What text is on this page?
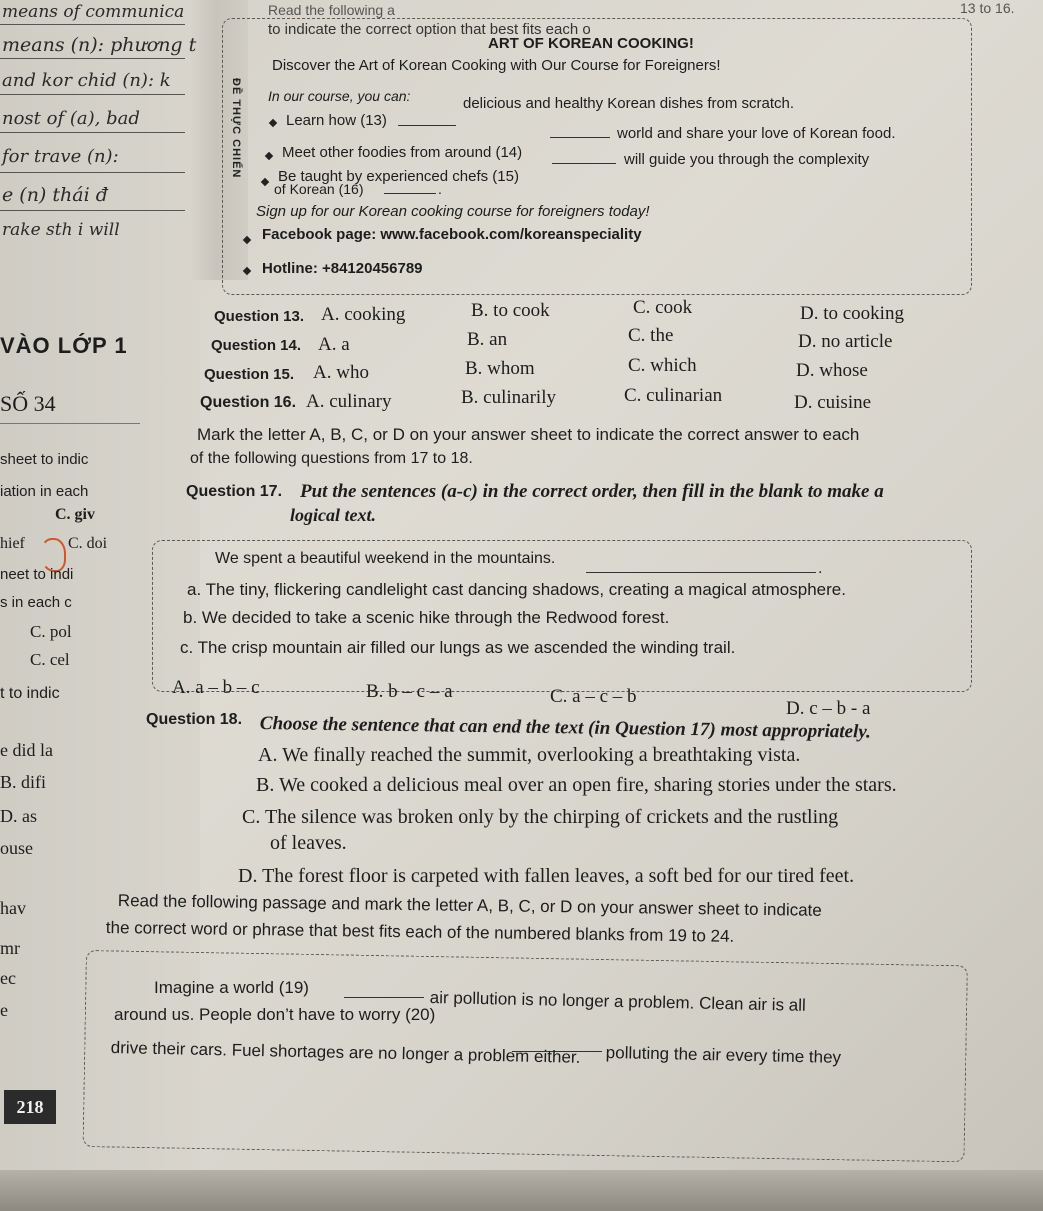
ĐỀ THỰC CHIẾN
means of communica
means (n): phương t
and kor chid (n): k
nost of (a), bad
for trave (n):
e (n) thái đ
rake sth i will
VÀO LỚP 1
SỐ 34
sheet to indic
iation in each
C. giv
hief	C. doi
neet to indi
s in each c
C. pol
C. cel
t to indic
e did la
B. difi
D. as
ouse
hav
mr
ec
e
218
Read the following a	13 to 16.
to indicate the correct option that best fits each o
ART OF KOREAN COOKING!
Discover the Art of Korean Cooking with Our Course for Foreigners!
In our course, you can:
Learn how (13)
delicious and healthy Korean dishes from scratch.
Meet other foodies from around (14)
world and share your love of Korean food.
Be taught by experienced chefs (15)
will guide you through the complexity
of Korean (16)	.
Sign up for our Korean cooking course for foreigners today!
Facebook page: www.facebook.com/koreanspeciality
Hotline: +84120456789
Question 13. A. cooking	B. to cook	C. cook	D. to cooking
Question 14. A. a	B. an	C. the	D. no article
Question 15. A. who	B. whom	C. which	D. whose
Question 16. A. culinary	B. culinarily	C. culinarian	D. cuisine
Mark the letter A, B, C, or D on your answer sheet to indicate the correct answer to each
of the following questions from 17 to 18.
Question 17. Put the sentences (a-c) in the correct order, then fill in the blank to make a
logical text.
We spent a beautiful weekend in the mountains.
.
a. The tiny, flickering candlelight cast dancing shadows, creating a magical atmosphere.
b. We decided to take a scenic hike through the Redwood forest.
c. The crisp mountain air filled our lungs as we ascended the winding trail.
A. a – b – c	B. b – c – a	C. a – c – b
D. c – b - a
Question 18. Choose the sentence that can end the text (in Question 17) most appropriately.
A. We finally reached the summit, overlooking a breathtaking vista.
B. We cooked a delicious meal over an open fire, sharing stories under the stars.
C. The silence was broken only by the chirping of crickets and the rustling
of leaves.
D. The forest floor is carpeted with fallen leaves, a soft bed for our tired feet.
Read the following passage and mark the letter A, B, C, or D on your answer sheet to indicate
the correct word or phrase that best fits each of the numbered blanks from 19 to 24.
Imagine a world (19)
air pollution is no longer a problem. Clean air is all
around us. People don’t have to worry (20)
polluting the air every time they
drive their cars. Fuel shortages are no longer a problem either.
